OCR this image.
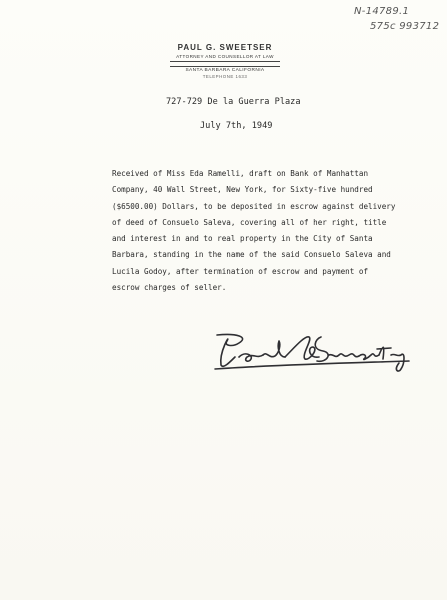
N-14789.1
575c 993712
PAUL G. SWEETSER
ATTORNEY AND COUNSELLOR AT LAW
SANTA BARBARA CALIFORNIA
TELEPHONE 1633
727-729 De la Guerra Plaza
July 7th, 1949
Received of Miss Eda Ramelli, draft on Bank of Manhattan
Company, 40 Wall Street, New York, for Sixty-five hundred
($6500.00) Dollars, to be deposited in escrow against delivery
of deed of Consuelo Saleva, covering all of her right, title
and interest in and to real property in the City of Santa
Barbara, standing in the name of the said Consuelo Saleva and
Lucila Godoy, after termination of escrow and payment of
escrow charges of seller.
